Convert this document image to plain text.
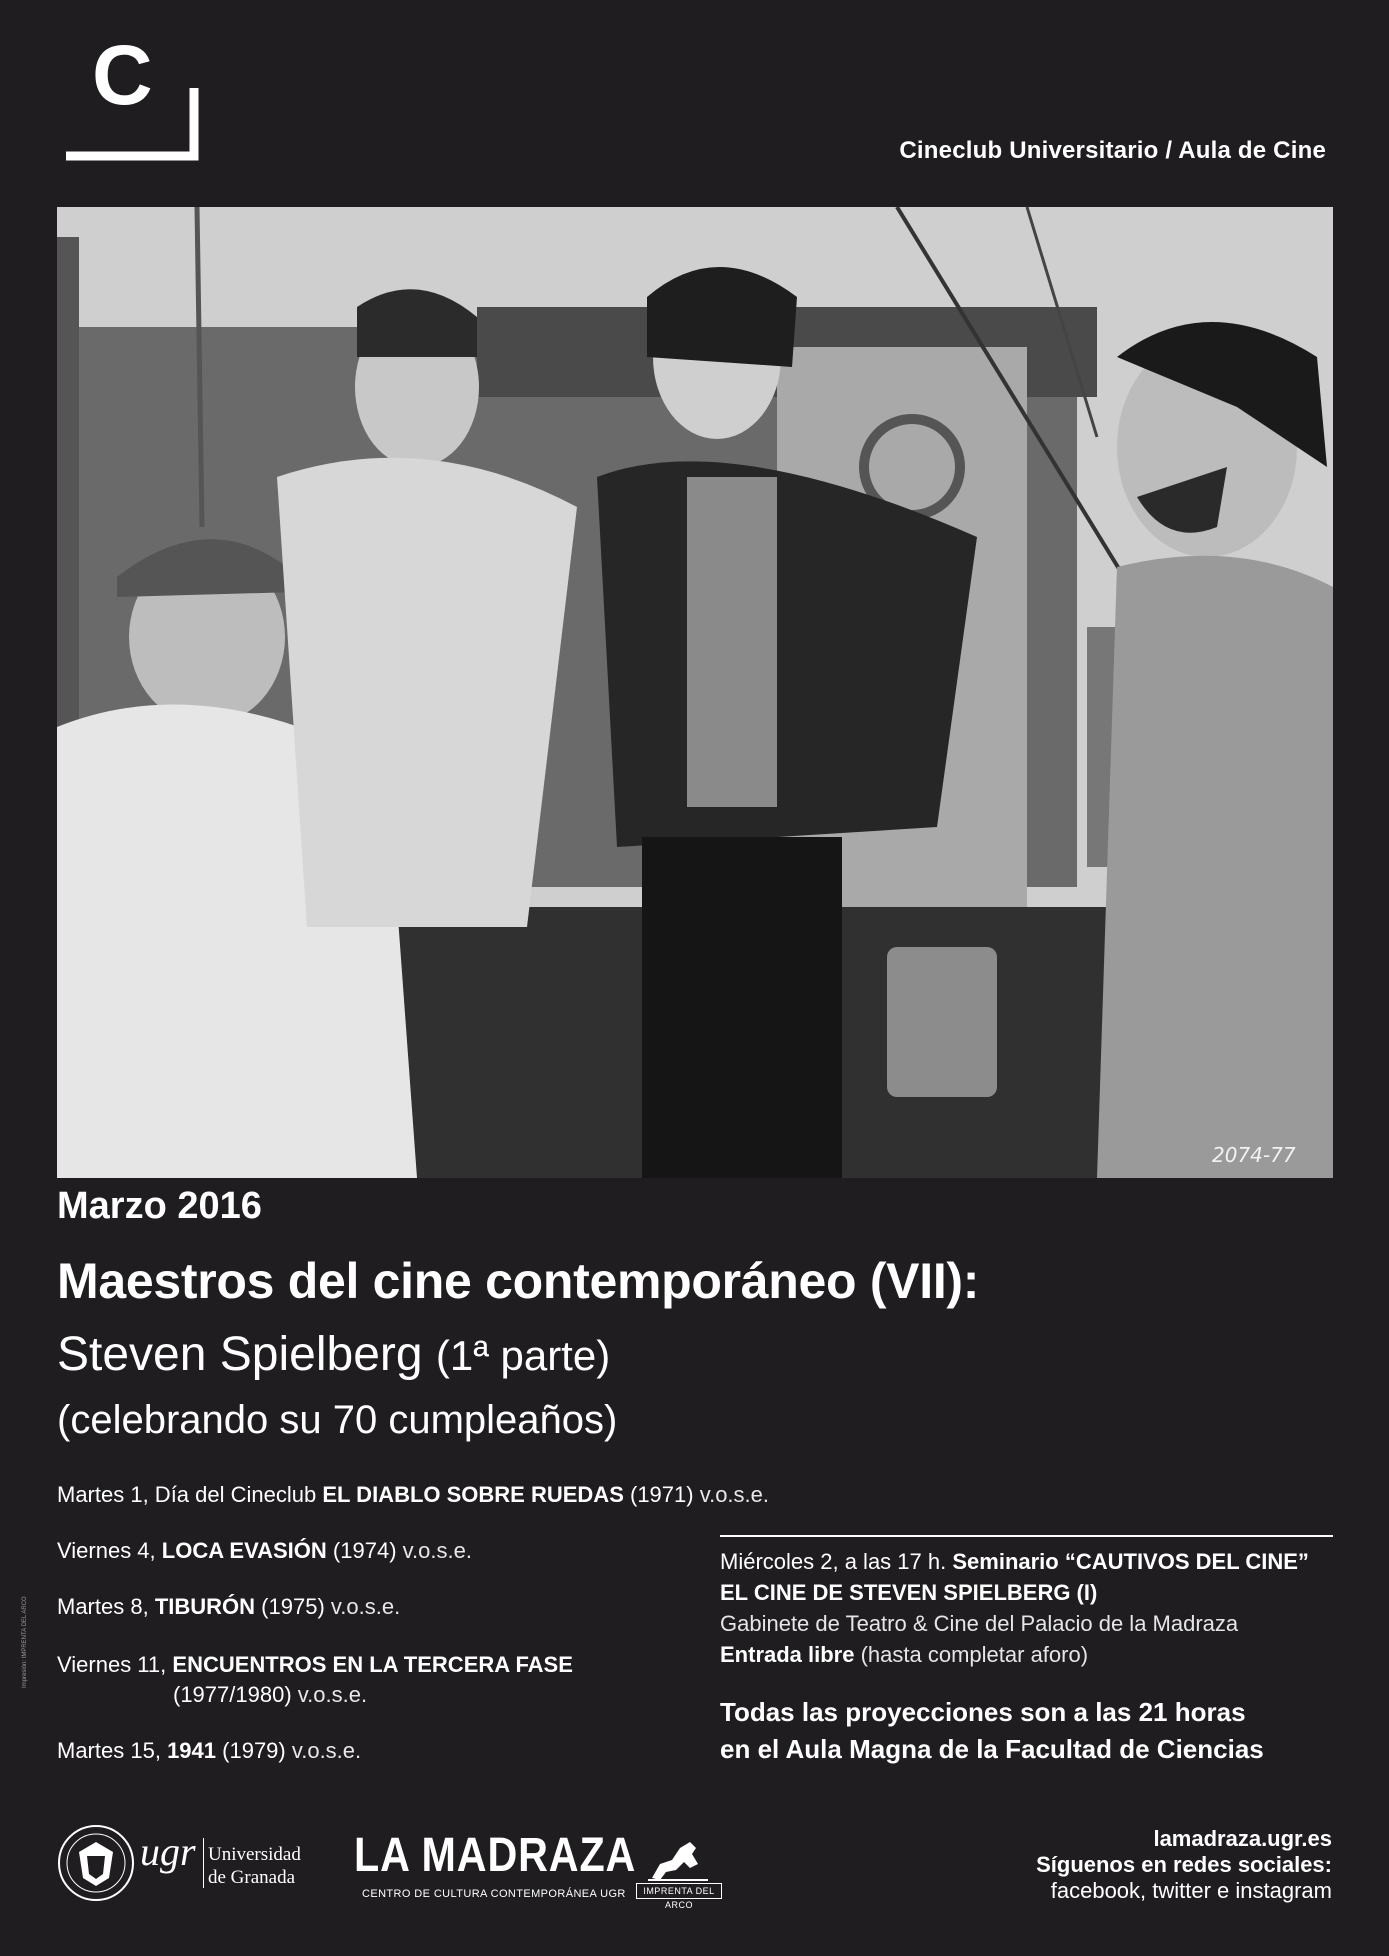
C
Cineclub Universitario / Aula de Cine
2074-77
Marzo 2016
Maestros del cine contemporáneo (VII):
Steven Spielberg (1ª parte)
(celebrando su 70 cumpleaños)
Martes 1, Día del Cineclub EL DIABLO SOBRE RUEDAS (1971) v.o.s.e.
Viernes 4, LOCA EVASIÓN (1974) v.o.s.e.
Martes 8, TIBURÓN (1975) v.o.s.e.
Viernes 11, ENCUENTROS EN LA TERCERA FASE
(1977/1980) v.o.s.e.
Martes 15, 1941 (1979) v.o.s.e.
Miércoles 2, a las 17 h. Seminario “CAUTIVOS DEL CINE”
EL CINE DE STEVEN SPIELBERG (I)
Gabinete de Teatro & Cine del Palacio de la Madraza
Entrada libre (hasta completar aforo)
Todas las proyecciones son a las 21 horas
en el Aula Magna de la Facultad de Ciencias
ugr Universidad
de Granada LA MADRAZA
CENTRO DE CULTURA CONTEMPORÁNEA UGR	IMPRENTA DEL ARCO
lamadraza.ugr.es
Síguenos en redes sociales:
facebook, twitter e instagram
Impresión: IMPRENTA DEL ARCO
